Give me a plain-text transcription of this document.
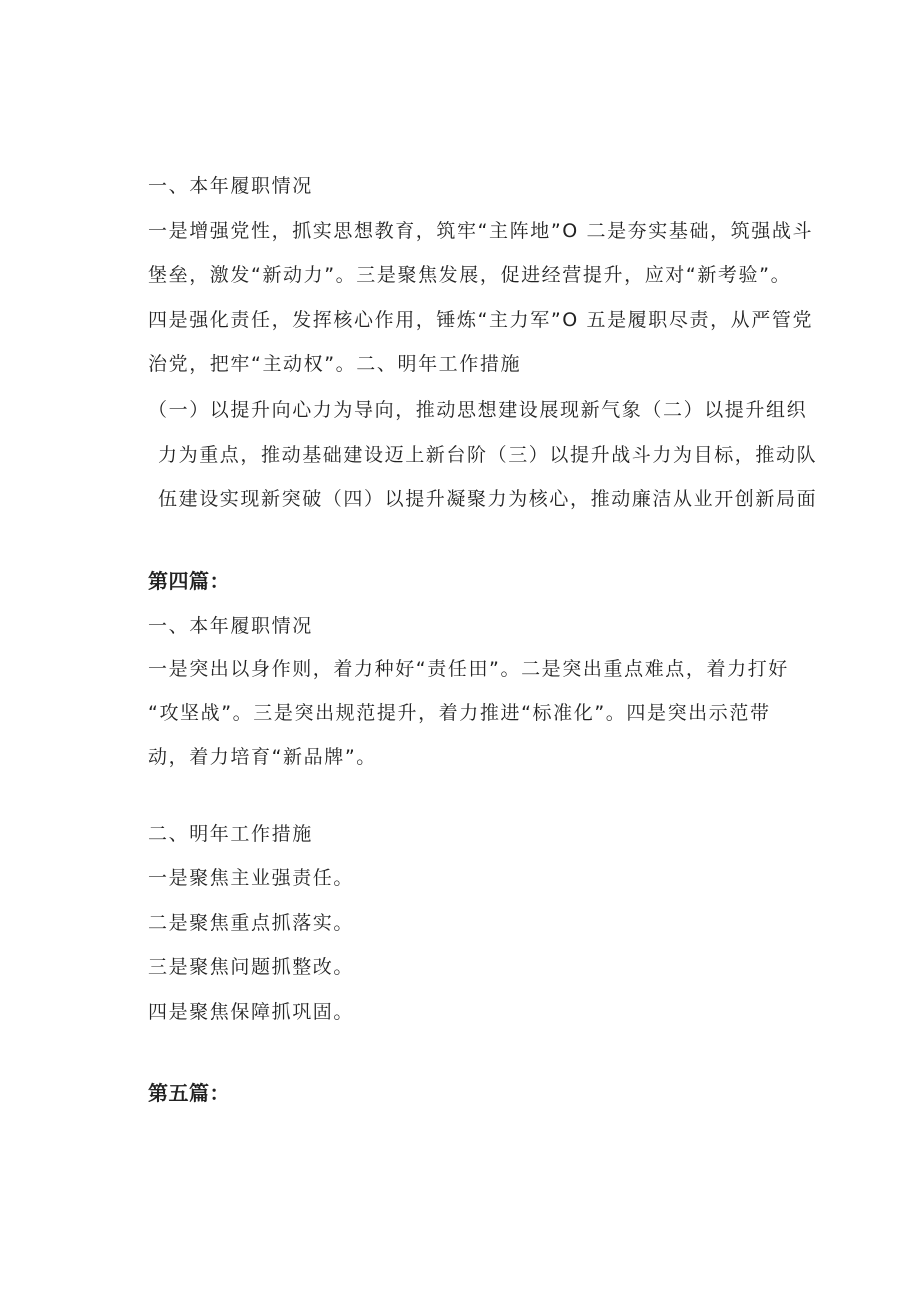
一、本年履职情况
一是增强党性，抓实思想教育，筑牢“主阵地”O 二是夯实基础，筑强战斗
堡垒，激发“新动力”。三是聚焦发展，促进经营提升，应对“新考验”。
四是强化责任，发挥核心作用，锤炼“主力军”O 五是履职尽责，从严管党
治党，把牢“主动权”。二、明年工作措施
（一）以提升向心力为导向，推动思想建设展现新气象（二）以提升组织
力为重点，推动基础建设迈上新台阶（三）以提升战斗力为目标，推动队
伍建设实现新突破（四）以提升凝聚力为核心，推动廉洁从业开创新局面
第四篇：
一、本年履职情况
一是突出以身作则，着力种好“责任田”。二是突出重点难点，着力打好
“攻坚战”。三是突出规范提升，着力推进“标准化”。四是突出示范带
动，着力培育“新品牌”。
二、明年工作措施
一是聚焦主业强责任。
二是聚焦重点抓落实。
三是聚焦问题抓整改。
四是聚焦保障抓巩固。
第五篇：
